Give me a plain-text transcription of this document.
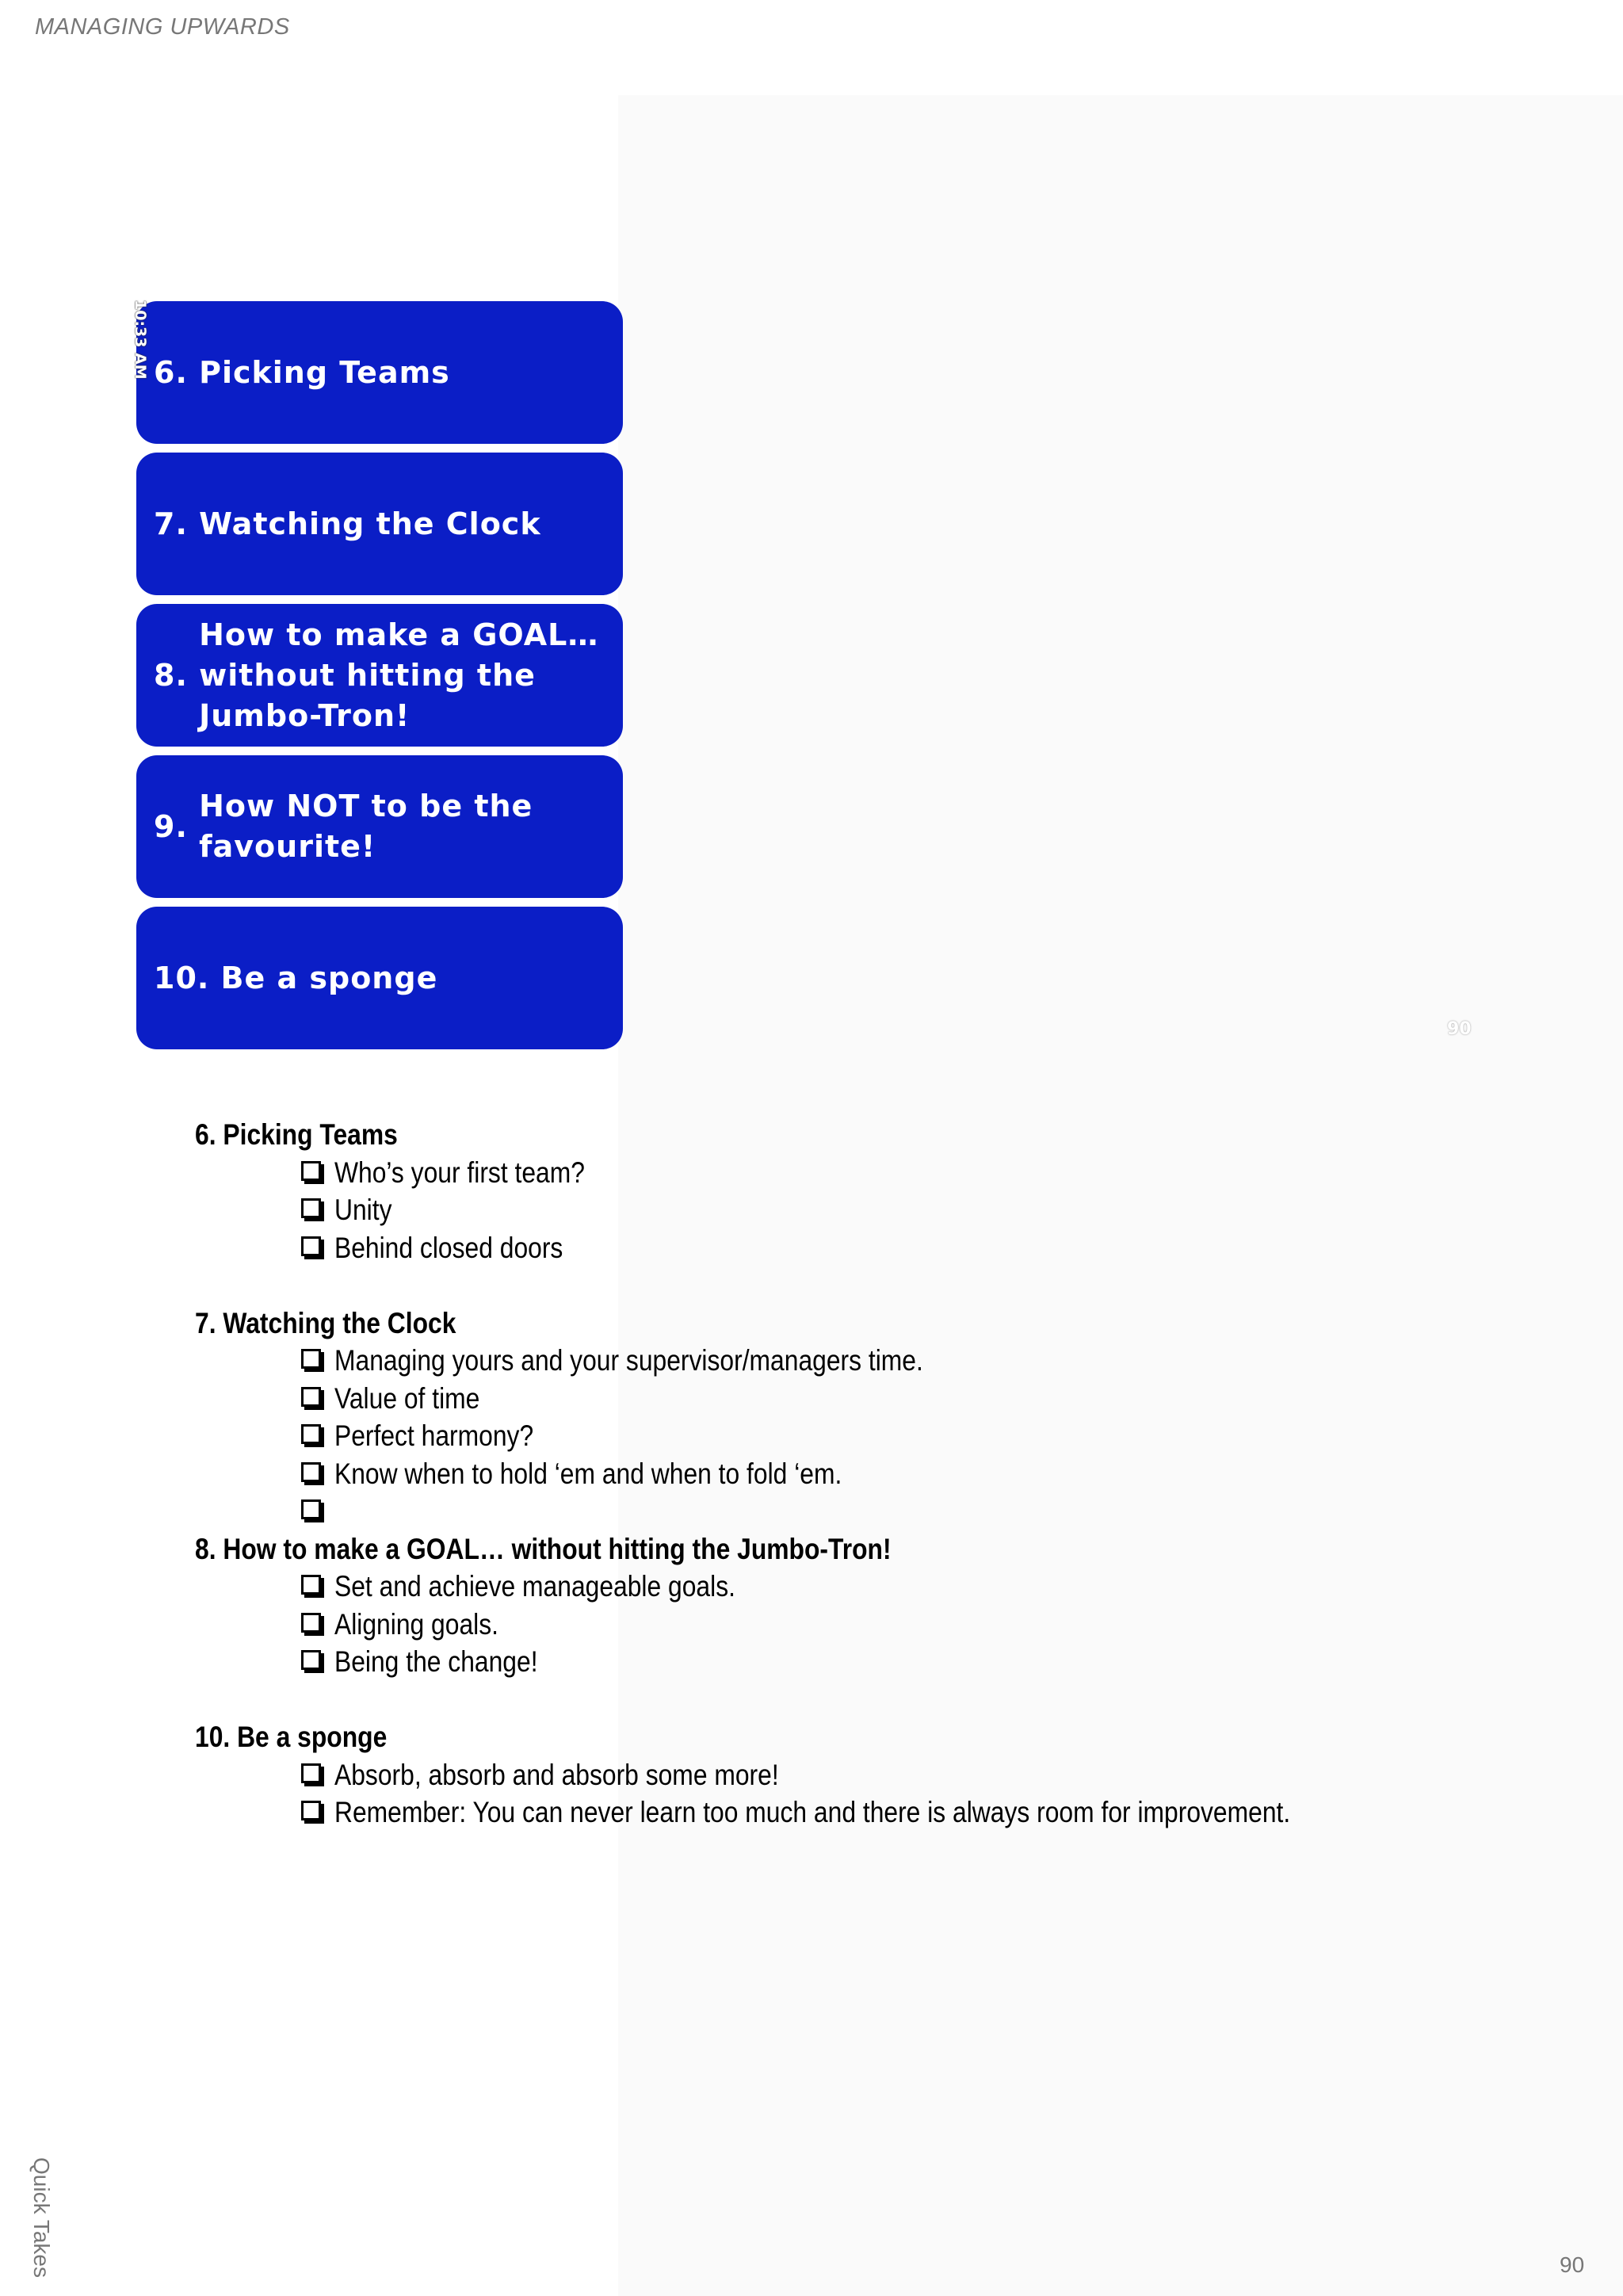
MANAGING UPWARDS
6. Picking Teams
7. Watching the Clock
8.
How to make a GOAL… without hitting the Jumbo-Tron!
9.
How NOT to be the favourite!
10. Be a sponge
10:33 AM
90
6. Picking Teams
Who’s your first team?
Unity
Behind closed doors
7. Watching the Clock
Managing yours and your supervisor/managers time.
Value of time
Perfect harmony?
Know when to hold ‘em and when to fold ‘em.
8. How to make a GOAL… without hitting the Jumbo-Tron!
Set and achieve manageable goals.
Aligning goals.
Being the change!
10. Be a sponge
Absorb, absorb and absorb some more!
Remember: You can never learn too much and there is always room for improvement.
Quick Takes	90
